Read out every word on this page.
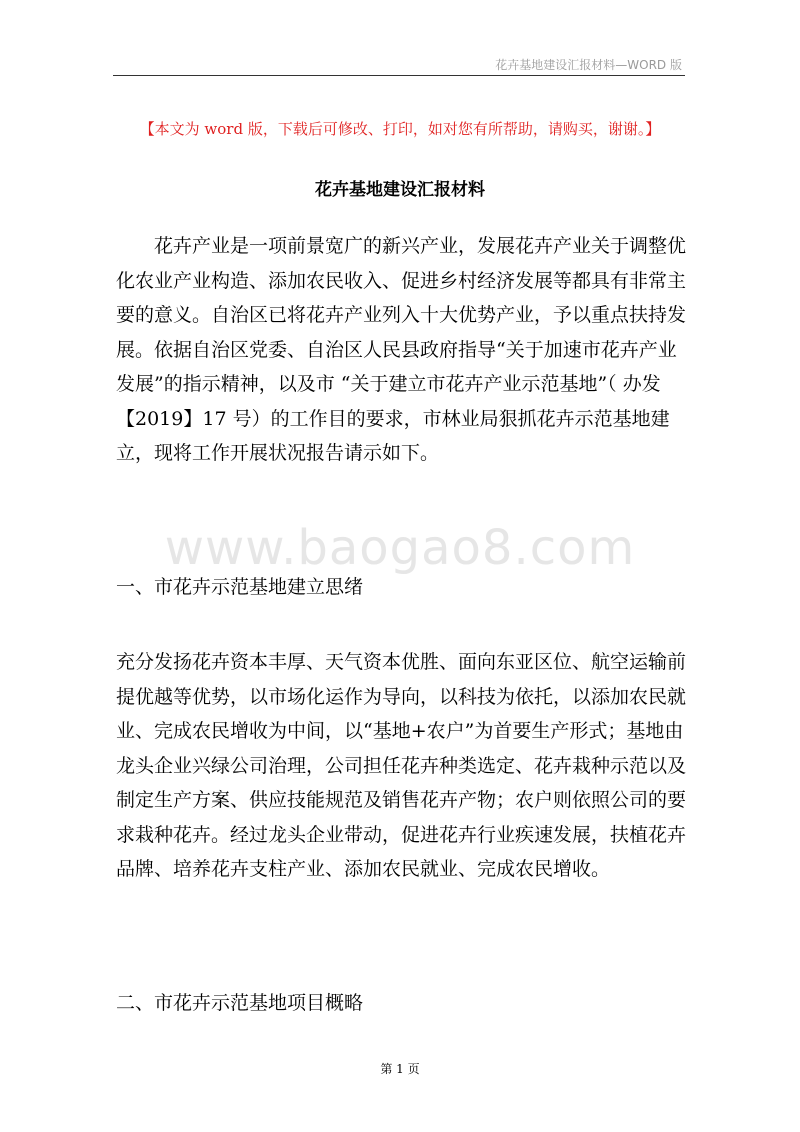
花卉基地建设汇报材料—WORD 版
【本文为 word 版，下载后可修改、打印，如对您有所帮助，请购买，谢谢。】
花卉基地建设汇报材料

花卉产业是一项前景宽广的新兴产业，发展花卉产业关于调整优化农业产业构造、添加农民收入、促进乡村经济发展等都具有非常主要的意义。自治区已将花卉产业列入十大优势产业，予以重点扶持发展。依据自治区党委、自治区人民县政府指导“关于加速市花卉产业发展”的指示精神，以及市 “关于建立市花卉产业示范基地”（ 办发【2019】17 号）的工作目的要求，市林业局狠抓花卉示范基地建立，现将工作开展状况报告请示如下。

www.baogao8.com
一、市花卉示范基地建立思绪

充分发扬花卉资本丰厚、天气资本优胜、面向东亚区位、航空运输前提优越等优势，以市场化运作为导向，以科技为依托，以添加农民就业、完成农民增收为中间，以“基地+农户”为首要生产形式；基地由龙头企业兴绿公司治理，公司担任花卉种类选定、花卉栽种示范以及制定生产方案、供应技能规范及销售花卉产物；农户则依照公司的要求栽种花卉。经过龙头企业带动，促进花卉行业疾速发展，扶植花卉品牌、培养花卉支柱产业、添加农民就业、完成农民增收。

二、市花卉示范基地项目概略
第 1 页
